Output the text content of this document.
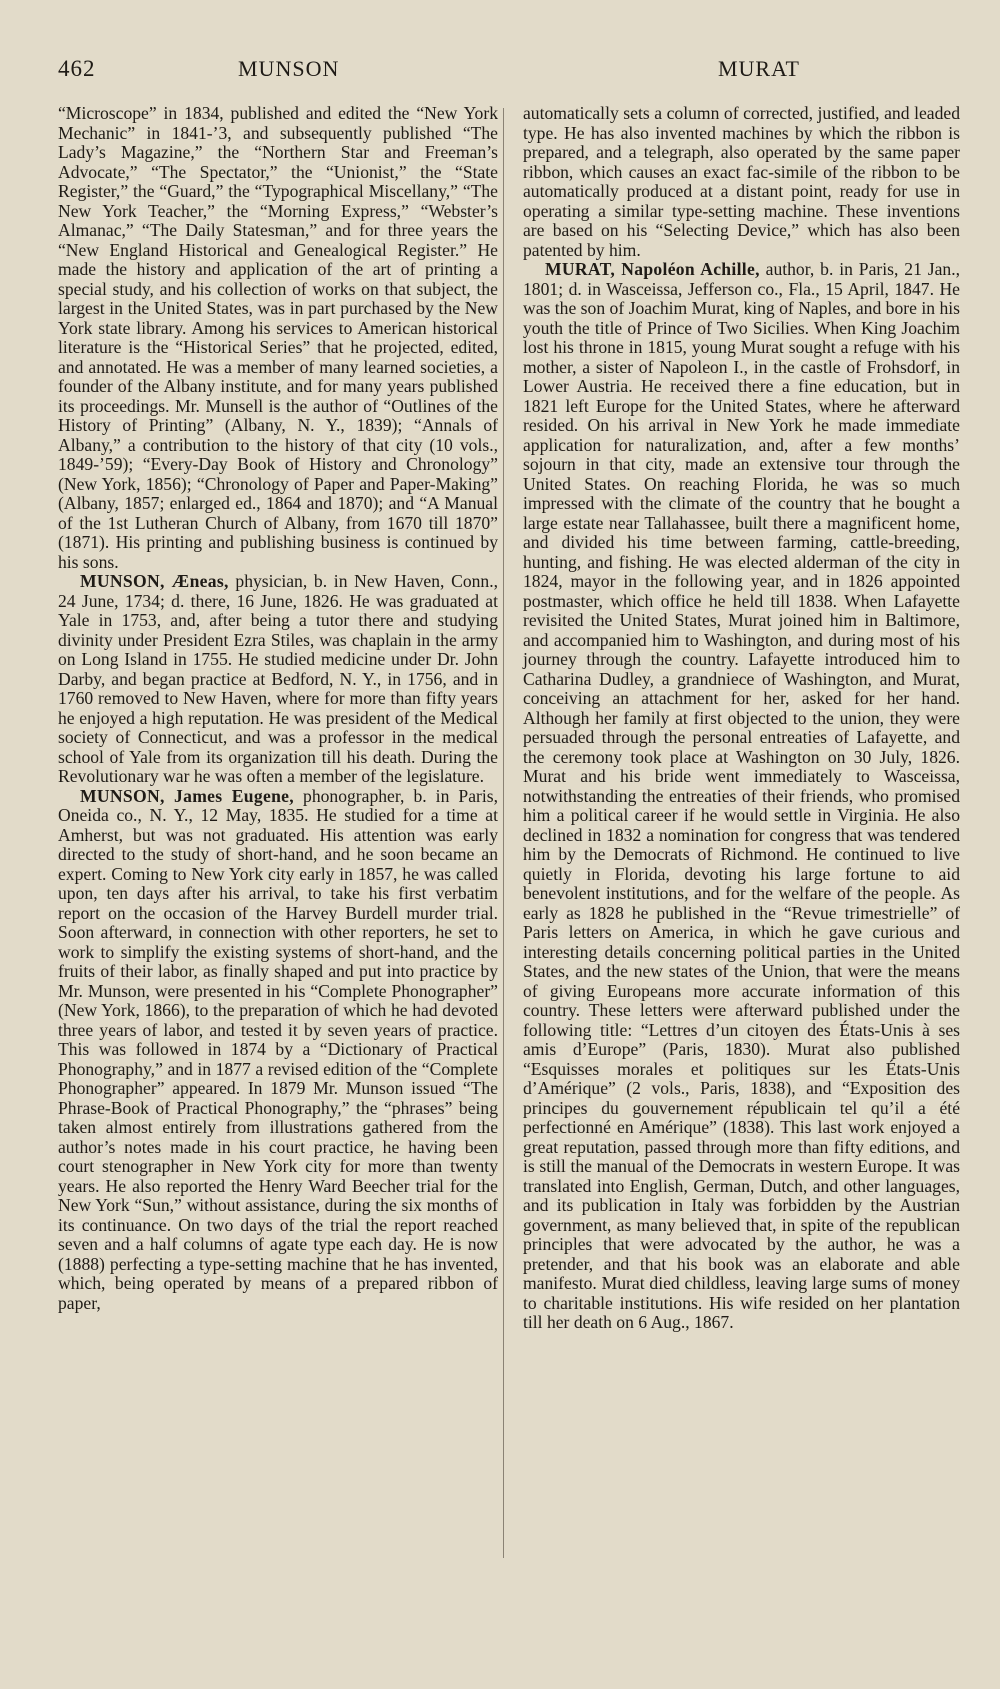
462	MUNSON	MURAT

“Microscope” in 1834, published and edited the “New York Mechanic” in 1841-’3, and subsequently published “The Lady’s Magazine,” the “Northern Star and Freeman’s Advocate,” “The Spectator,” the “Unionist,” the “State Register,” the “Guard,” the “Typographical Miscellany,” “The New York Teacher,” the “Morning Express,” “Webster’s Almanac,” “The Daily Statesman,” and for three years the “New England Historical and Genealogical Register.” He made the history and application of the art of printing a special study, and his collection of works on that subject, the largest in the United States, was in part purchased by the New York state library. Among his services to American historical literature is the “Historical Series” that he projected, edited, and annotated. He was a member of many learned societies, a founder of the Albany institute, and for many years published its proceedings. Mr. Munsell is the author of “Outlines of the History of Printing” (Albany, N. Y., 1839); “Annals of Albany,” a contribution to the history of that city (10 vols., 1849-’59); “Every-Day Book of History and Chronology” (New York, 1856); “Chronology of Paper and Paper-Making” (Albany, 1857; enlarged ed., 1864 and 1870); and “A Manual of the 1st Lutheran Church of Albany, from 1670 till 1870” (1871). His printing and publishing business is continued by his sons.

MUNSON, Æneas, physician, b. in New Haven, Conn., 24 June, 1734; d. there, 16 June, 1826. He was graduated at Yale in 1753, and, after being a tutor there and studying divinity under President Ezra Stiles, was chaplain in the army on Long Island in 1755. He studied medicine under Dr. John Darby, and began practice at Bedford, N. Y., in 1756, and in 1760 removed to New Haven, where for more than fifty years he enjoyed a high reputation. He was president of the Medical society of Connecticut, and was a professor in the medical school of Yale from its organization till his death. During the Revolutionary war he was often a member of the legislature.

MUNSON, James Eugene, phonographer, b. in Paris, Oneida co., N. Y., 12 May, 1835. He studied for a time at Amherst, but was not graduated. His attention was early directed to the study of short-hand, and he soon became an expert. Coming to New York city early in 1857, he was called upon, ten days after his arrival, to take his first verbatim report on the occasion of the Harvey Burdell murder trial. Soon afterward, in connection with other reporters, he set to work to simplify the existing systems of short-hand, and the fruits of their labor, as finally shaped and put into practice by Mr. Munson, were presented in his “Complete Phonographer” (New York, 1866), to the preparation of which he had devoted three years of labor, and tested it by seven years of practice. This was followed in 1874 by a “Dictionary of Practical Phonography,” and in 1877 a revised edition of the “Complete Phonographer” appeared. In 1879 Mr. Munson issued “The Phrase-Book of Practical Phonography,” the “phrases” being taken almost entirely from illustrations gathered from the author’s notes made in his court practice, he having been court stenographer in New York city for more than twenty years. He also reported the Henry Ward Beecher trial for the New York “Sun,” without assistance, during the six months of its continuance. On two days of the trial the report reached seven and a half columns of agate type each day. He is now (1888) perfecting a type-setting machine that he has invented, which, being operated by means of a prepared ribbon of paper,

automatically sets a column of corrected, justified, and leaded type. He has also invented machines by which the ribbon is prepared, and a telegraph, also operated by the same paper ribbon, which causes an exact fac-simile of the ribbon to be automatically produced at a distant point, ready for use in operating a similar type-setting machine. These inventions are based on his “Selecting Device,” which has also been patented by him.

MURAT, Napoléon Achille, author, b. in Paris, 21 Jan., 1801; d. in Wasceissa, Jefferson co., Fla., 15 April, 1847. He was the son of Joachim Murat, king of Naples, and bore in his youth the title of Prince of Two Sicilies. When King Joachim lost his throne in 1815, young Murat sought a refuge with his mother, a sister of Napoleon I., in the castle of Frohsdorf, in Lower Austria. He received there a fine education, but in 1821 left Europe for the United States, where he afterward resided. On his arrival in New York he made immediate application for naturalization, and, after a few months’ sojourn in that city, made an extensive tour through the United States. On reaching Florida, he was so much impressed with the climate of the country that he bought a large estate near Tallahassee, built there a magnificent home, and divided his time between farming, cattle-breeding, hunting, and fishing. He was elected alderman of the city in 1824, mayor in the following year, and in 1826 appointed postmaster, which office he held till 1838. When Lafayette revisited the United States, Murat joined him in Baltimore, and accompanied him to Washington, and during most of his journey through the country. Lafayette introduced him to Catharina Dudley, a grandniece of Washington, and Murat, conceiving an attachment for her, asked for her hand. Although her family at first objected to the union, they were persuaded through the personal entreaties of Lafayette, and the ceremony took place at Washington on 30 July, 1826. Murat and his bride went immediately to Wasceissa, notwithstanding the entreaties of their friends, who promised him a political career if he would settle in Virginia. He also declined in 1832 a nomination for congress that was tendered him by the Democrats of Richmond. He continued to live quietly in Florida, devoting his large fortune to aid benevolent institutions, and for the welfare of the people. As early as 1828 he published in the “Revue trimestrielle” of Paris letters on America, in which he gave curious and interesting details concerning political parties in the United States, and the new states of the Union, that were the means of giving Europeans more accurate information of this country. These letters were afterward published under the following title: “Lettres d’un citoyen des États-Unis à ses amis d’Europe” (Paris, 1830). Murat also published “Esquisses morales et politiques sur les États-Unis d’Amérique” (2 vols., Paris, 1838), and “Exposition des principes du gouvernement républicain tel qu’il a été perfectionné en Amérique” (1838). This last work enjoyed a great reputation, passed through more than fifty editions, and is still the manual of the Democrats in western Europe. It was translated into English, German, Dutch, and other languages, and its publication in Italy was forbidden by the Austrian government, as many believed that, in spite of the republican principles that were advocated by the author, he was a pretender, and that his book was an elaborate and able manifesto. Murat died childless, leaving large sums of money to charitable institutions. His wife resided on her plantation till her death on 6 Aug., 1867.
